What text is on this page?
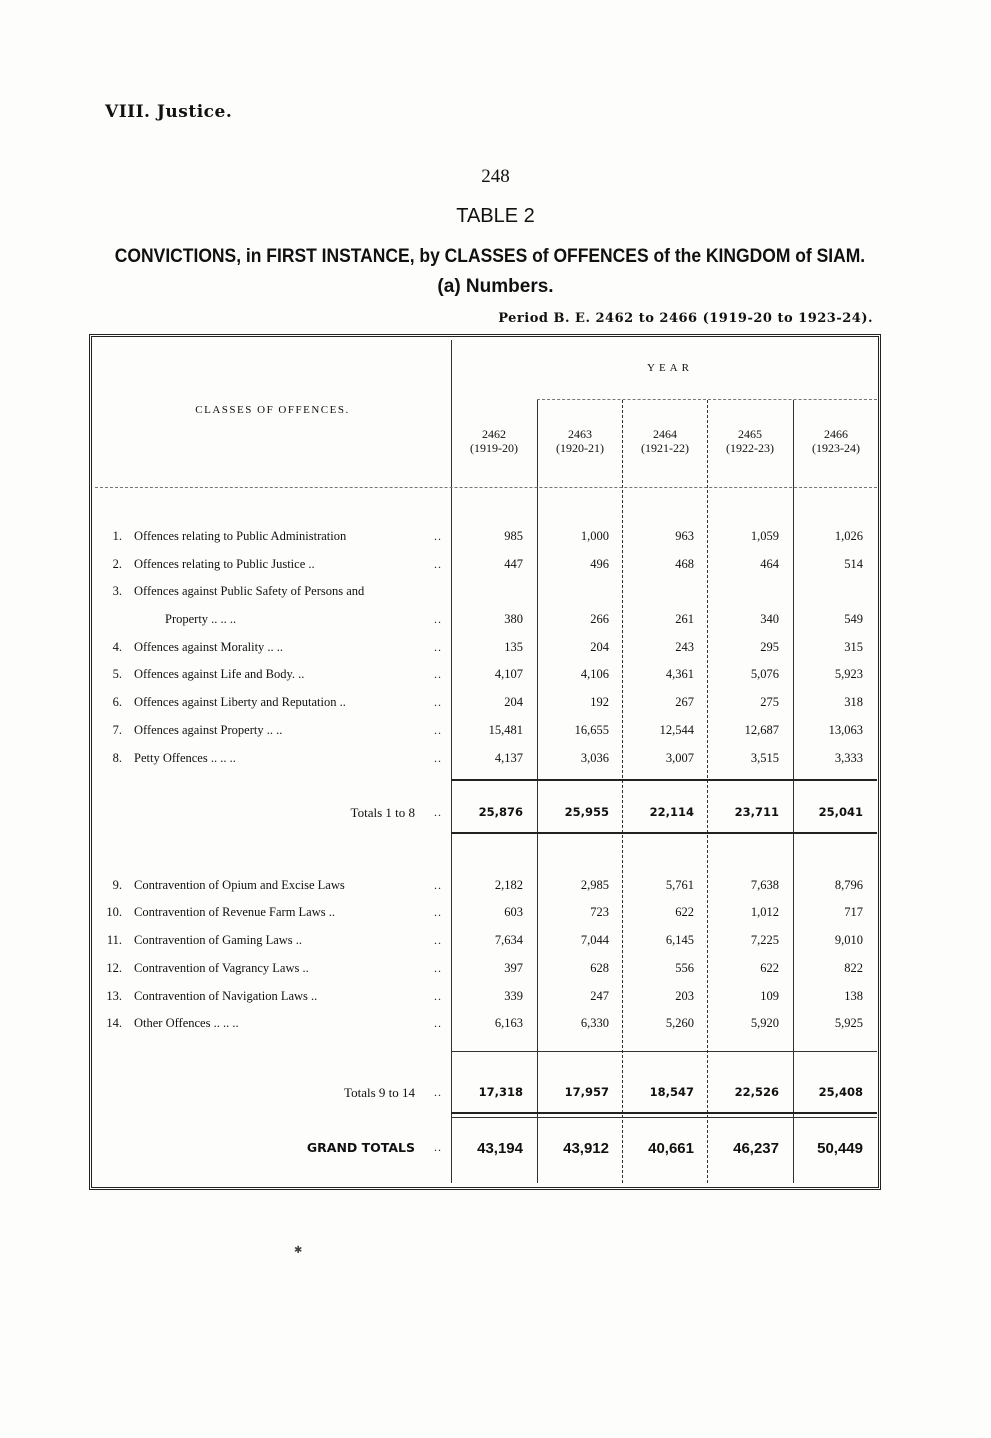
VIII. Justice.
248
TABLE 2
CONVICTIONS, in FIRST INSTANCE, by CLASSES of OFFENCES of the KINGDOM of SIAM.
(a) Numbers.
Period B. E. 2462 to 2466 (1919-20 to 1923-24).
YEAR
CLASSES OF OFFENCES.
2462
(1919-20)
2463
(1920-21)
2464
(1921-22)
2465
(1922-23)
2466
(1923-24)
1. Offences relating to Public Administration	..	985	1,000	963	1,059	1,026
2. Offences relating to Public Justice ..	..	447	496	468	464	514
3. Offences against Public Safety of Persons and
Property .. .. ..	..	380	266	261	340	549
4. Offences against Morality .. ..	..	135	204	243	295	315
5. Offences against Life and Body. ..	..	4,107	4,106	4,361	5,076	5,923
6. Offences against Liberty and Reputation ..	..	204	192	267	275	318
7. Offences against Property .. ..	..	15,481	16,655	12,544	12,687	13,063
8. Petty Offences .. .. ..	..	4,137	3,036	3,007	3,515	3,333
9. Contravention of Opium and Excise Laws	..	2,182	2,985	5,761	7,638	8,796
10. Contravention of Revenue Farm Laws ..	..	603	723	622	1,012	717
11. Contravention of Gaming Laws ..	..	7,634	7,044	6,145	7,225	9,010
12. Contravention of Vagrancy Laws ..	..	397	628	556	622	822
13. Contravention of Navigation Laws ..	..	339	247	203	109	138
14. Other Offences .. .. ..	..	6,163	6,330	5,260	5,920	5,925
Totals 1 to 8 ..	25,876	25,955	22,114	23,711	25,041
Totals 9 to 14 ..	17,318	17,957	18,547	22,526	25,408
GRAND TOTALS ..	43,194	43,912	40,661	46,237	50,449
✱
